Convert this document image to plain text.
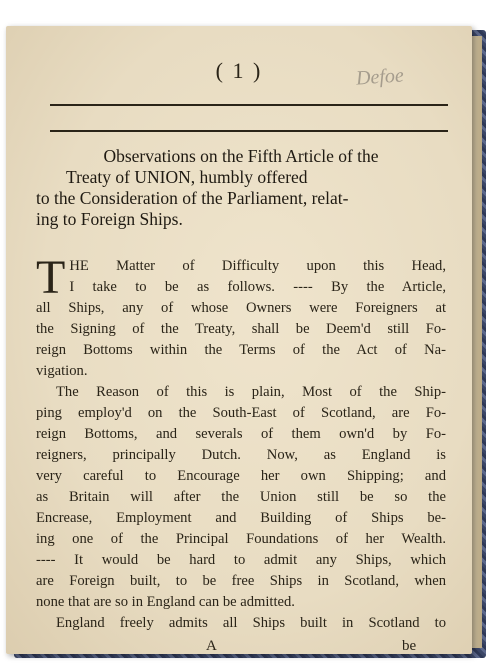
( 1 )	Defoe
Observations on the Fifth Article of the
Treaty of UNION, humbly offered
to the Consideration of the Parliament, relat-
ing to Foreign Ships.
T HE Matter of Difficulty upon this Head,
I take to be as follows. ---- By the Article,
all Ships, any of whose Owners were Foreigners at
the Signing of the Treaty, shall be Deem'd still Fo-
reign Bottoms within the Terms of the Act of Na-
vigation.
The Reason of this is plain, Most of the Ship-
ping employ'd on the South-East of Scotland, are Fo-
reign Bottoms, and severals of them own'd by Fo-
reigners, principally Dutch. Now, as England is
very careful to Encourage her own Shipping; and
as Britain will after the Union still be so the
Encrease, Employment and Building of Ships be-
ing one of the Principal Foundations of her Wealth.
---- It would be hard to admit any Ships, which
are Foreign built, to be free Ships in Scotland, when
none that are so in England can be admitted.
England freely admits all Ships built in Scotland to
A	be
